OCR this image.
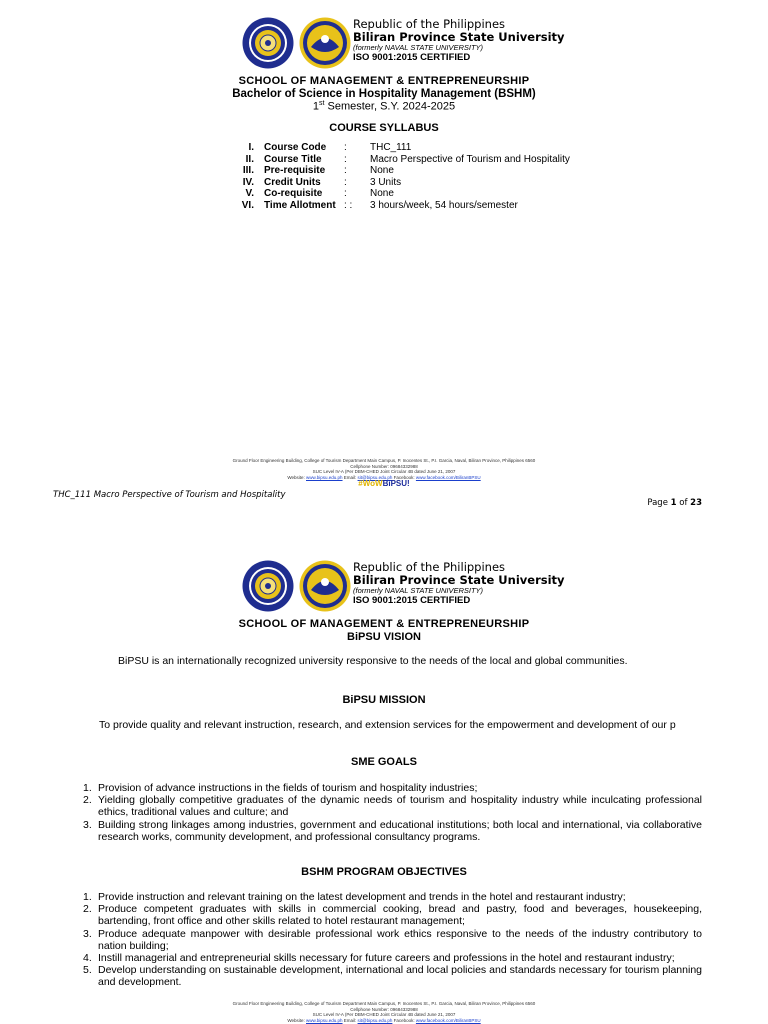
Republic of the Philippines
Biliran Province State University
(formerly NAVAL STATE UNIVERSITY)
ISO 9001:2015 CERTIFIED
SCHOOL OF MANAGEMENT & ENTREPRENEURSHIP
Bachelor of Science in Hospitality Management (BSHM)
1st Semester, S.Y. 2024-2025
COURSE SYLLABUS
I.	Course Code	:	THC_111
II.	Course Title	:	Macro Perspective of Tourism and Hospitality
III.	Pre-requisite	:	None
IV.	Credit Units	:	3 Units
V.	Co-requisite	:	None
VI.	Time Allotment	: :	3 hours/week, 54 hours/semester
Ground Floor Engineering Building, College of Tourism Department Main Campus, P. Inocentes St., P.I. Garcia, Naval, Biliran Province, Philippines 6560
Cellphone Number: 09684332988
SUC Level IV-A (Per DBM-CHED Joint Circular 4B dated June 21, 2007
Website: www.bipsu.edu.ph Email: sit@bipsu.edu.ph Facebook: www.facebook.com/BiliranBPSU
#WoWBiPSU!
THC_111 Macro Perspective of Tourism and Hospitality
Page 1 of 23
Republic of the Philippines
Biliran Province State University
(formerly NAVAL STATE UNIVERSITY)
ISO 9001:2015 CERTIFIED
SCHOOL OF MANAGEMENT & ENTREPRENEURSHIP
BiPSU VISION
BiPSU is an internationally recognized university responsive to the needs of the local and global communities.
BiPSU MISSION
To provide quality and relevant instruction, research, and extension services for the empowerment and development of our p
SME GOALS
1. Provision of advance instructions in the fields of tourism and hospitality industries;
2. Yielding globally competitive graduates of the dynamic needs of tourism and hospitality industry while inculcating professional ethics, traditional values and culture; and
3. Building strong linkages among industries, government and educational institutions; both local and international, via collaborative research works, community development, and professional consultancy programs.
BSHM PROGRAM OBJECTIVES
1. Provide instruction and relevant training on the latest development and trends in the hotel and restaurant industry;
2. Produce competent graduates with skills in commercial cooking, bread and pastry, food and beverages, housekeeping, bartending, front office and other skills related to hotel restaurant management;
3. Produce adequate manpower with desirable professional work ethics responsive to the needs of the industry contributory to nation building;
4. Instill managerial and entrepreneurial skills necessary for future careers and professions in the hotel and restaurant industry;
5. Develop understanding on sustainable development, international and local policies and standards necessary for tourism planning and development.
Ground Floor Engineering Building, College of Tourism Department Main Campus, P. Inocentes St., P.I. Garcia, Naval, Biliran Province, Philippines 6560
Cellphone Number: 09684332988
SUC Level IV-A (Per DBM-CHED Joint Circular 4B dated June 21, 2007
Website: www.bipsu.edu.ph Email: sit@bipsu.edu.ph Facebook: www.facebook.com/BiliranBPSU
